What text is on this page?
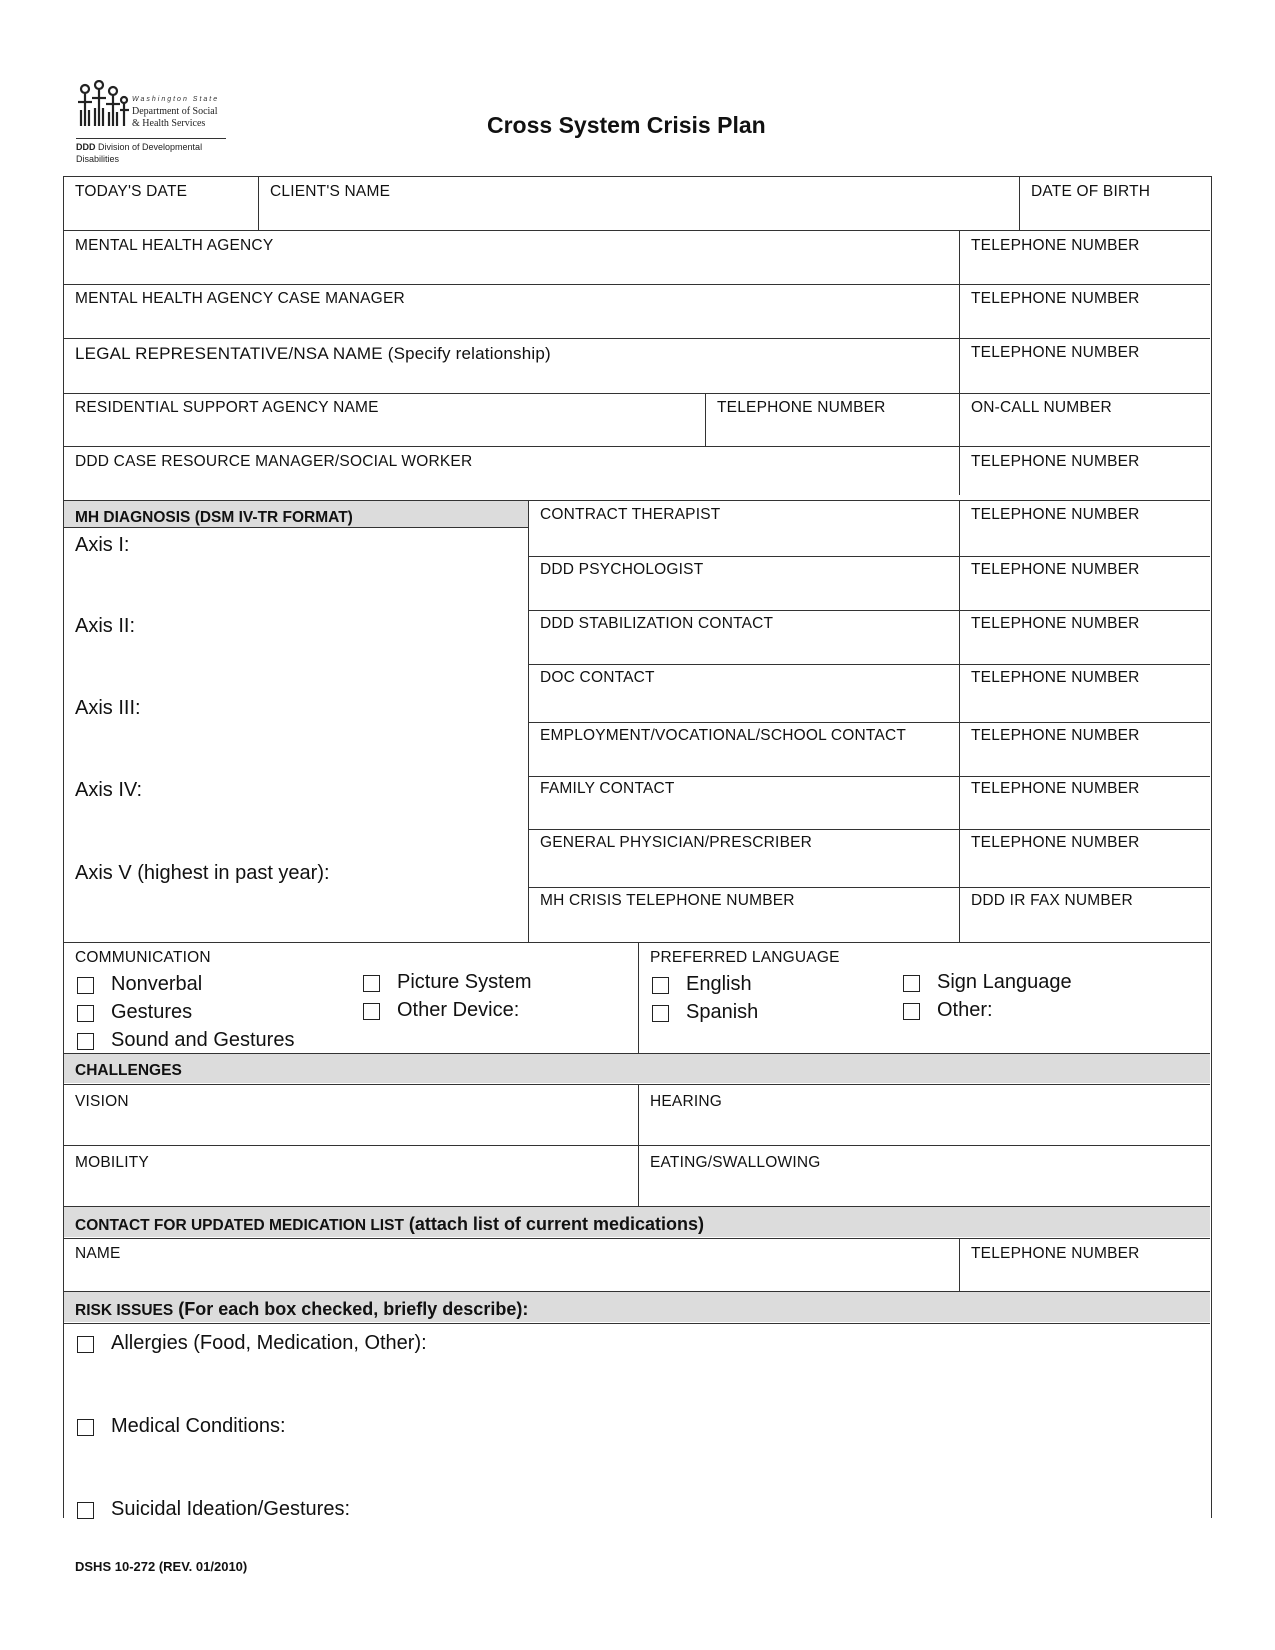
Washington State
Department of Social
& Health Services
DDD Division of Developmental
Disabilities
Cross System Crisis Plan
TODAY'S DATE	CLIENT'S NAME	DATE OF BIRTH
MENTAL HEALTH AGENCY	TELEPHONE NUMBER
MENTAL HEALTH AGENCY CASE MANAGER	TELEPHONE NUMBER
LEGAL REPRESENTATIVE/NSA NAME (Specify relationship)	TELEPHONE NUMBER
RESIDENTIAL SUPPORT AGENCY NAME	TELEPHONE NUMBER	ON-CALL NUMBER
DDD CASE RESOURCE MANAGER/SOCIAL WORKER	TELEPHONE NUMBER
MH DIAGNOSIS (DSM IV-TR FORMAT)
Axis I:
Axis II:
Axis III:
Axis IV:
Axis V (highest in past year):
CONTRACT THERAPIST	TELEPHONE NUMBER
DDD PSYCHOLOGIST	TELEPHONE NUMBER
DDD STABILIZATION CONTACT	TELEPHONE NUMBER
DOC CONTACT	TELEPHONE NUMBER
EMPLOYMENT/VOCATIONAL/SCHOOL CONTACT	TELEPHONE NUMBER
FAMILY CONTACT	TELEPHONE NUMBER
GENERAL PHYSICIAN/PRESCRIBER	TELEPHONE NUMBER
MH CRISIS TELEPHONE NUMBER	DDD IR FAX NUMBER
COMMUNICATION
Nonverbal
Gestures
Sound and Gestures
Picture System
Other Device:
PREFERRED LANGUAGE
English
Spanish
Sign Language
Other:
CHALLENGES
VISION	HEARING
MOBILITY	EATING/SWALLOWING
CONTACT FOR UPDATED MEDICATION LIST (attach list of current medications)
NAME	TELEPHONE NUMBER
RISK ISSUES (For each box checked, briefly describe):
Allergies (Food, Medication, Other):
Medical Conditions:
Suicidal Ideation/Gestures:
DSHS 10-272 (REV. 01/2010)
